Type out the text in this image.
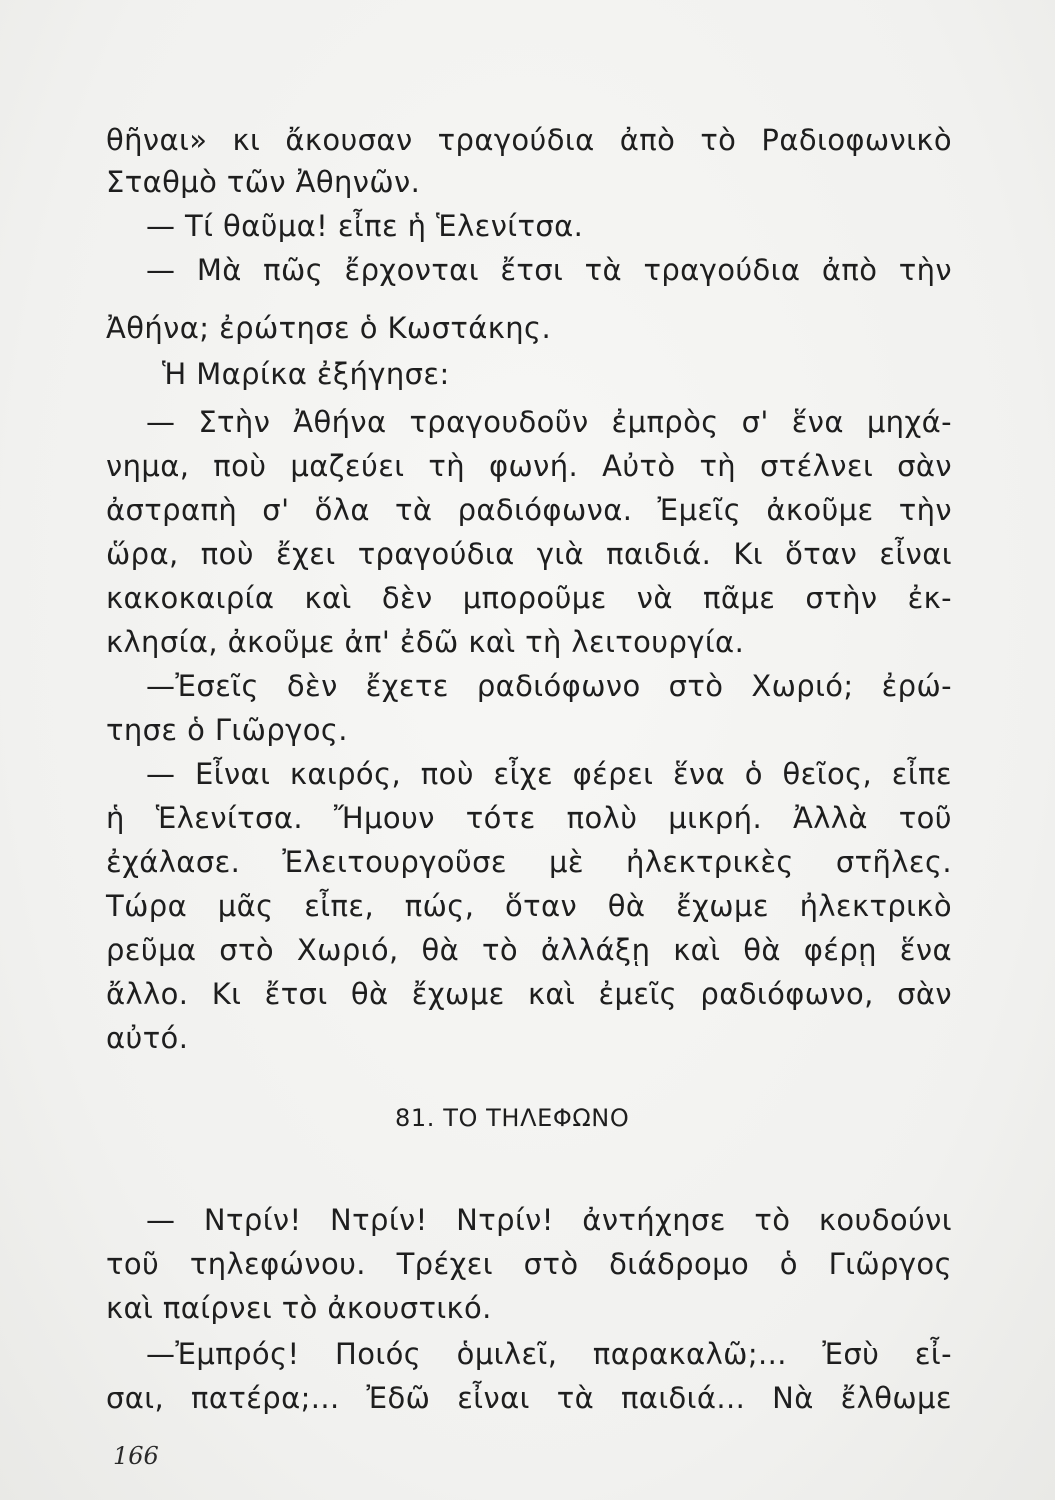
θῆναι» κι ἄκουσαν τραγούδια ἀπὸ τὸ Ραδιοφωνικὸ
Σταθμὸ τῶν Ἀθηνῶν.
— Τί θαῦμα! εἶπε ἡ Ἑλενίτσα.
— Μὰ πῶς ἔρχονται ἔτσι τὰ τραγούδια ἀπὸ τὴν
Ἀθήνα; ἐρώτησε ὁ Κωστάκης.
Ἡ Μαρίκα ἐξήγησε:
— Στὴν Ἀθήνα τραγουδοῦν ἐμπρὸς σ' ἕνα μηχά-
νημα, ποὺ μαζεύει τὴ φωνή. Αὐτὸ τὴ στέλνει σὰν
ἀστραπὴ σ' ὅλα τὰ ραδιόφωνα. Ἐμεῖς ἀκοῦμε τὴν
ὥρα, ποὺ ἔχει τραγούδια γιὰ παιδιά. Κι ὅταν εἶναι
κακοκαιρία καὶ δὲν μποροῦμε νὰ πᾶμε στὴν ἐκ-
κλησία, ἀκοῦμε ἀπ' ἐδῶ καὶ τὴ λειτουργία.
—Ἐσεῖς δὲν ἔχετε ραδιόφωνο στὸ Χωριό; ἐρώ-
τησε ὁ Γιῶργος.
— Εἶναι καιρός, ποὺ εἶχε φέρει ἕνα ὁ θεῖος, εἶπε
ἡ Ἑλενίτσα. Ἤμουν τότε πολὺ μικρή. Ἀλλὰ τοῦ
ἐχάλασε. Ἐλειτουργοῦσε μὲ ἠλεκτρικὲς στῆλες.
Τώρα μᾶς εἶπε, πώς, ὅταν θὰ ἔχωμε ἠλεκτρικὸ
ρεῦμα στὸ Χωριό, θὰ τὸ ἀλλάξῃ καὶ θὰ φέρῃ ἕνα
ἄλλο. Κι ἔτσι θὰ ἔχωμε καὶ ἐμεῖς ραδιόφωνο, σὰν
αὐτό.
81. ΤΟ ΤΗΛΕΦΩΝΟ
— Ντρίν! Ντρίν! Ντρίν! ἀντήχησε τὸ κουδούνι
τοῦ τηλεφώνου. Τρέχει στὸ διάδρομο ὁ Γιῶργος
καὶ παίρνει τὸ ἀκουστικό.
—Ἐμπρός! Ποιός ὁμιλεῖ, παρακαλῶ;... Ἐσὺ εἶ-
σαι, πατέρα;... Ἐδῶ εἶναι τὰ παιδιά... Νὰ ἔλθωμε
166
